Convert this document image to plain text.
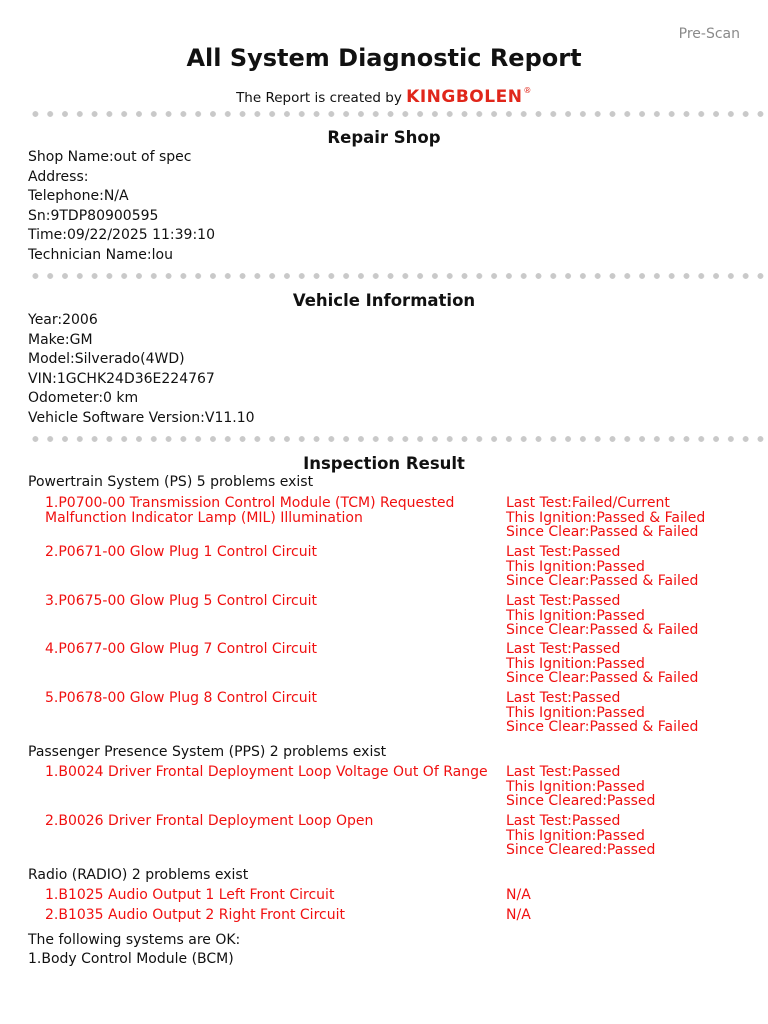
Pre-Scan
All System Diagnostic Report
The Report is created by KINGBOLEN®
Repair Shop
Shop Name:out of spec
Address:
Telephone:N/A
Sn:9TDP80900595
Time:09/22/2025 11:39:10
Technician Name:lou
Vehicle Information
Year:2006
Make:GM
Model:Silverado(4WD)
VIN:1GCHK24D36E224767
Odometer:0 km
Vehicle Software Version:V11.10
Inspection Result
Powertrain System (PS) 5 problems exist
1.P0700-00 Transmission Control Module (TCM) Requested Malfunction Indicator Lamp (MIL) Illumination
Last Test:Failed/Current
This Ignition:Passed & Failed
Since Clear:Passed & Failed
2.P0671-00 Glow Plug 1 Control Circuit	Last Test:Passed
This Ignition:Passed
Since Clear:Passed & Failed
3.P0675-00 Glow Plug 5 Control Circuit	Last Test:Passed
This Ignition:Passed
Since Clear:Passed & Failed
4.P0677-00 Glow Plug 7 Control Circuit	Last Test:Passed
This Ignition:Passed
Since Clear:Passed & Failed
5.P0678-00 Glow Plug 8 Control Circuit	Last Test:Passed
This Ignition:Passed
Since Clear:Passed & Failed
Passenger Presence System (PPS) 2 problems exist
1.B0024 Driver Frontal Deployment Loop Voltage Out Of Range	Last Test:Passed
This Ignition:Passed
Since Cleared:Passed
2.B0026 Driver Frontal Deployment Loop Open	Last Test:Passed
This Ignition:Passed
Since Cleared:Passed
Radio (RADIO) 2 problems exist
1.B1025 Audio Output 1 Left Front Circuit	N/A
2.B1035 Audio Output 2 Right Front Circuit	N/A
The following systems are OK:
1.Body Control Module (BCM)
